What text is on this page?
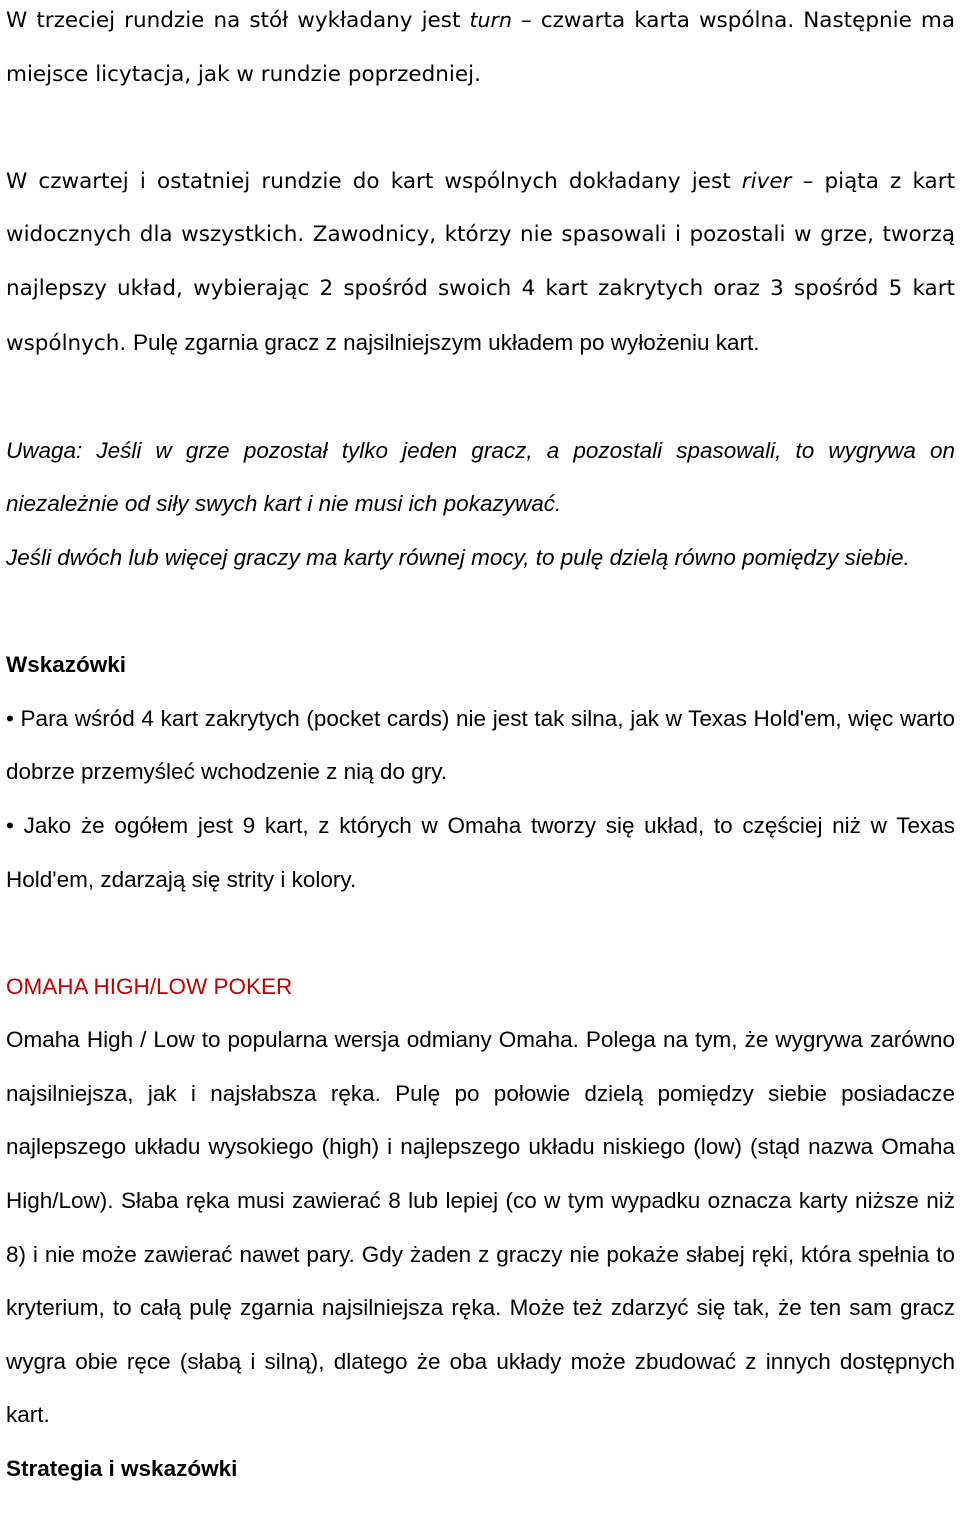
W trzeciej rundzie na stół wykładany jest turn – czwarta karta wspólna. Następnie ma miejsce licytacja, jak w rundzie poprzedniej.

W czwartej i ostatniej rundzie do kart wspólnych dokładany jest river – piąta z kart widocznych dla wszystkich. Zawodnicy, którzy nie spasowali i pozostali w grze, tworzą najlepszy układ, wybierając 2 spośród swoich 4 kart zakrytych oraz 3 spośród 5 kart wspólnych. Pulę zgarnia gracz z najsilniejszym układem po wyłożeniu kart.

Uwaga: Jeśli w grze pozostał tylko jeden gracz, a pozostali spasowali, to wygrywa on niezależnie od siły swych kart i nie musi ich pokazywać.

Jeśli dwóch lub więcej graczy ma karty równej mocy, to pulę dzielą równo pomiędzy siebie.

Wskazówki

• Para wśród 4 kart zakrytych (pocket cards) nie jest tak silna, jak w Texas Hold'em, więc warto dobrze przemyśleć wchodzenie z nią do gry.

• Jako że ogółem jest 9 kart, z których w Omaha tworzy się układ, to częściej niż w Texas Hold'em, zdarzają się strity i kolory.

OMAHA HIGH/LOW POKER

Omaha High / Low to popularna wersja odmiany Omaha. Polega na tym, że wygrywa zarówno najsilniejsza, jak i najsłabsza ręka. Pulę po połowie dzielą pomiędzy siebie posiadacze najlepszego układu wysokiego (high) i najlepszego układu niskiego (low) (stąd nazwa Omaha High/Low). Słaba ręka musi zawierać 8 lub lepiej (co w tym wypadku oznacza karty niższe niż 8) i nie może zawierać nawet pary. Gdy żaden z graczy nie pokaże słabej ręki, która spełnia to kryterium, to całą pulę zgarnia najsilniejsza ręka. Może też zdarzyć się tak, że ten sam gracz wygra obie ręce (słabą i silną), dlatego że oba układy może zbudować z innych dostępnych kart.

Strategia i wskazówki
